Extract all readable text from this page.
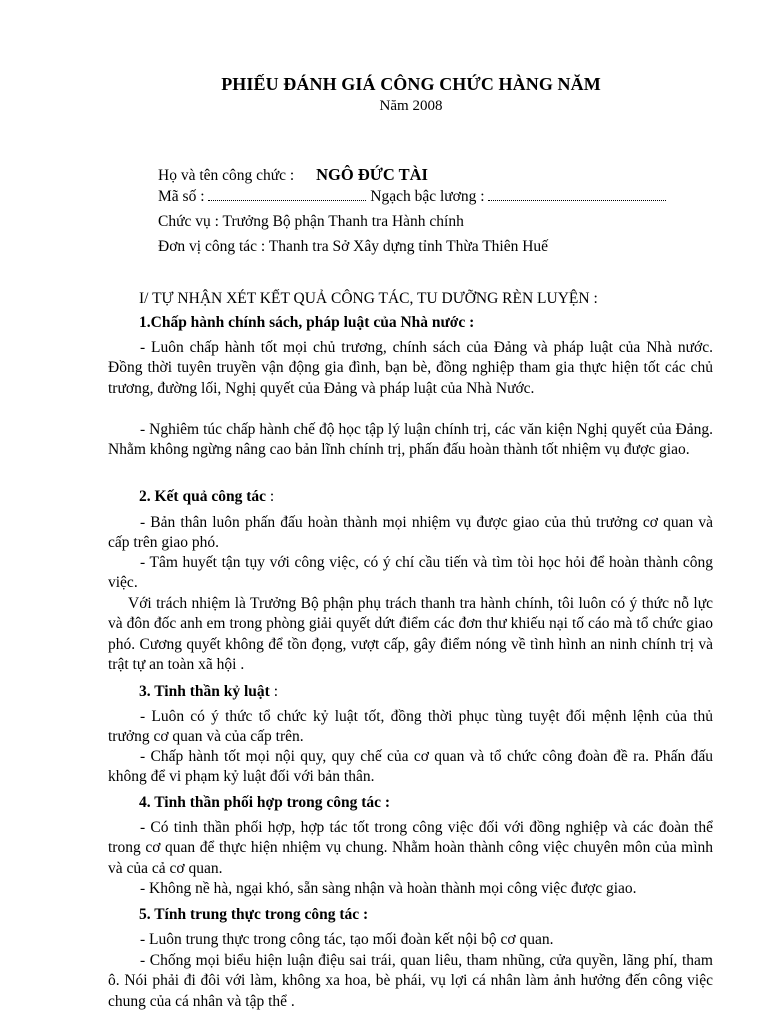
PHIẾU ĐÁNH GIÁ CÔNG CHỨC HÀNG NĂM
Năm 2008
Họ và tên công chức : NGÔ ĐỨC TÀI
Mã số :	Ngạch bậc lương :
Chức vụ : Trưởng Bộ phận Thanh tra Hành chính
Đơn vị công tác : Thanh tra Sở Xây dựng tỉnh Thừa Thiên Huế
I/ TỰ NHẬN XÉT KẾT QUẢ CÔNG TÁC, TU DƯỠNG RÈN LUYỆN :
1.Chấp hành chính sách, pháp luật của Nhà nước :
- Luôn chấp hành tốt mọi chủ trương, chính sách của Đảng và pháp luật của Nhà nước. Đồng thời tuyên truyền vận động gia đình, bạn bè, đồng nghiệp tham gia thực hiện tốt các chủ trương, đường lối, Nghị quyết của Đảng và pháp luật của Nhà Nước.
- Nghiêm túc chấp hành chế độ học tập lý luận chính trị, các văn kiện Nghị quyết của Đảng. Nhằm không ngừng nâng cao bản lĩnh chính trị, phấn đấu hoàn thành tốt nhiệm vụ được giao.
2. Kết quả công tác :
- Bản thân luôn phấn đấu hoàn thành mọi nhiệm vụ được giao của thủ trưởng cơ quan và cấp trên giao phó.
- Tâm huyết tận tụy với công việc, có ý chí cầu tiến và tìm tòi học hỏi để hoàn thành công việc.
Với trách nhiệm là Trưởng Bộ phận phụ trách thanh tra hành chính, tôi luôn có ý thức nỗ lực và đôn đốc anh em trong phòng giải quyết dứt điểm các đơn thư khiếu nại tố cáo mà tổ chức giao phó. Cương quyết không để tồn đọng, vượt cấp, gây điểm nóng về tình hình an ninh chính trị và trật tự an toàn xã hội .
3. Tinh thần kỷ luật :
- Luôn có ý thức tổ chức kỷ luật tốt, đồng thời phục tùng tuyệt đối mệnh lệnh của thủ trưởng cơ quan và của cấp trên.
- Chấp hành tốt mọi nội quy, quy chế của cơ quan và tổ chức công đoàn đề ra. Phấn đấu không để vi phạm kỷ luật đối với bản thân.
4. Tinh thần phối hợp trong công tác :
- Có tinh thần phối hợp, hợp tác tốt trong công việc đối với đồng nghiệp và các đoàn thể trong cơ quan để thực hiện nhiệm vụ chung. Nhằm hoàn thành công việc chuyên môn của mình và của cả cơ quan.
- Không nề hà, ngại khó, sẵn sàng nhận và hoàn thành mọi công việc được giao.
5. Tính trung thực trong công tác :
- Luôn trung thực trong công tác, tạo mối đoàn kết nội bộ cơ quan.
- Chống mọi biểu hiện luận điệu sai trái, quan liêu, tham nhũng, cửa quyền, lãng phí, tham ô. Nói phải đi đôi với làm, không xa hoa, bè phái, vụ lợi cá nhân làm ảnh hưởng đến công việc chung của cá nhân và tập thể .
